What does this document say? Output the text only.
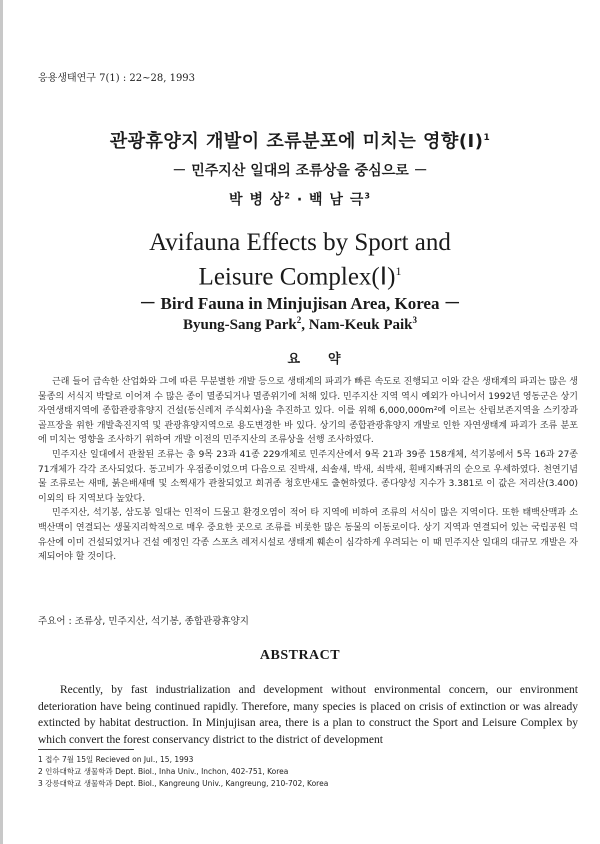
응용생태연구 7(1) : 22~28, 1993
관광휴양지 개발이 조류분포에 미치는 영향(Ⅰ)$^1$
－ 민주지산 일대의 조류상을 중심으로 －
박 병 상$^2$ · 백 남 극$^3$
Avifauna Effects by Sport and
Leisure Complex(Ⅰ)$^1$
－ Bird Fauna in Minjujisan Area, Korea －
Byung-Sang Park$^2$, Nam-Keuk Paik$^3$
요약

근래 들어 급속한 산업화와 그에 따른 무분별한 개발 등으로 생태계의 파괴가 빠른 속도로 진행되고 이와 같은 생태계의 파괴는 많은 생물종의 서식지 박탈로 이어져 수 많은 종이 멸종되거나 멸종위기에 처해 있다. 민주지산 지역 역시 예외가 아니어서 1992년 영동군은 상기 자연생태지역에 종합관광휴양지 건설(동신레저 주식회사)을 추진하고 있다. 이를 위해 6,000,000m²에 이르는 산림보존지역을 스키장과 골프장을 위한 개발촉진지역 및 관광휴양지역으로 용도변경한 바 있다. 상기의 종합관광휴양지 개발로 인한 자연생태계 파괴가 조류 분포에 미치는 영향을 조사하기 위하여 개발 이전의 민주지산의 조류상을 선행 조사하였다.

민주지산 일대에서 관찰된 조류는 총 9목 23과 41종 229개체로 민주지산에서 9목 21과 39종 158개체, 석기봉에서 5목 16과 27종 71개체가 각각 조사되었다. 동고비가 우점종이었으며 다음으로 진박새, 쇠솔새, 박새, 쇠박새, 흰배지빠귀의 순으로 우세하였다. 천연기념물 조류로는 새매, 붉은배새매 및 소쩍새가 관찰되었고 희귀종 청호반새도 출현하였다. 종다양성 지수가 3.381로 이 값은 저리산(3.400) 이외의 타 지역보다 높았다.

민주지산, 석기봉, 삼도봉 일대는 인적이 드물고 환경오염이 적어 타 지역에 비하여 조류의 서식이 많은 지역이다. 또한 태백산맥과 소백산맥이 연결되는 생물지리학적으로 매우 중요한 곳으로 조류를 비롯한 많은 동물의 이동로이다. 상기 지역과 연결되어 있는 국립공원 덕유산에 이미 건설되었거나 건설 예정인 각종 스포츠 레저시설로 생태계 훼손이 심각하게 우려되는 이 때 민주지산 일대의 대규모 개발은 자제되어야 할 것이다.

주요어 : 조류상, 민주지산, 석기봉, 종합관광휴양지
ABSTRACT

Recently, by fast industrialization and development without environmental concern, our environment deterioration have being continued rapidly. Therefore, many species is placed on crisis of extinction or was already extincted by habitat destruction. In Minjujisan area, there is a plan to construct the Sport and Leisure Complex by which convert the forest conservancy district to the district of development

1 접수 7월 15일 Recieved on Jul., 15, 1993
2 인하대학교 생물학과 Dept. Biol., Inha Univ., Inchon, 402-751, Korea
3 강릉대학교 생물학과 Dept. Biol., Kangreung Univ., Kangreung, 210-702, Korea
